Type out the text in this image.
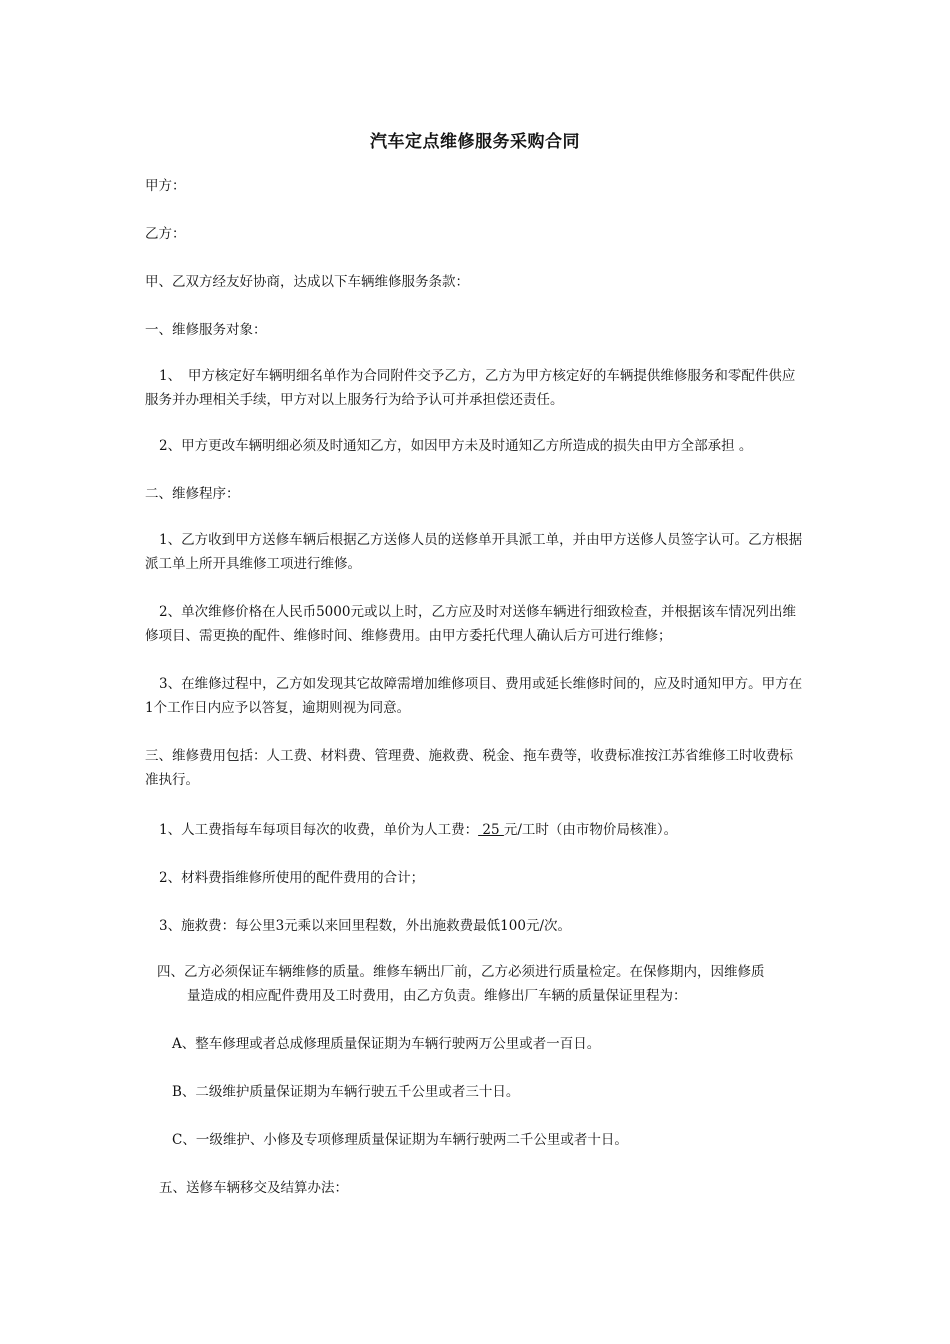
汽车定点维修服务采购合同
甲方：
乙方：
甲、乙双方经友好协商，达成以下车辆维修服务条款：
一、维修服务对象：
1、　甲方核定好车辆明细名单作为合同附件交予乙方，乙方为甲方核定好的车辆提供维修服务和零配件供应服务并办理相关手续，甲方对以上服务行为给予认可并承担偿还责任。
2、甲方更改车辆明细必须及时通知乙方，如因甲方未及时通知乙方所造成的损失由甲方全部承担 。
二、维修程序：
1、乙方收到甲方送修车辆后根据乙方送修人员的送修单开具派工单，并由甲方送修人员签字认可。乙方根据派工单上所开具维修工项进行维修。
2、单次维修价格在人民币5000元或以上时，乙方应及时对送修车辆进行细致检查，并根据该车情况列出维修项目、需更换的配件、维修时间、维修费用。由甲方委托代理人确认后方可进行维修；
3、在维修过程中，乙方如发现其它故障需增加维修项目、费用或延长维修时间的，应及时通知甲方。甲方在1个工作日内应予以答复，逾期则视为同意。
三、维修费用包括：人工费、材料费、管理费、施救费、税金、拖车费等，收费标准按江苏省维修工时收费标准执行。
1、人工费指每车每项目每次的收费，单价为人工费： 25 元/工时（由市物价局核准）。
2、材料费指维修所使用的配件费用的合计；
3、施救费：每公里3元乘以来回里程数，外出施救费最低100元/次。
四、乙方必须保证车辆维修的质量。维修车辆出厂前，乙方必须进行质量检定。在保修期内，因维修质
量造成的相应配件费用及工时费用，由乙方负责。维修出厂车辆的质量保证里程为：
A、整车修理或者总成修理质量保证期为车辆行驶两万公里或者一百日。
B、二级维护质量保证期为车辆行驶五千公里或者三十日。
C、一级维护、小修及专项修理质量保证期为车辆行驶两二千公里或者十日。
五、送修车辆移交及结算办法：
